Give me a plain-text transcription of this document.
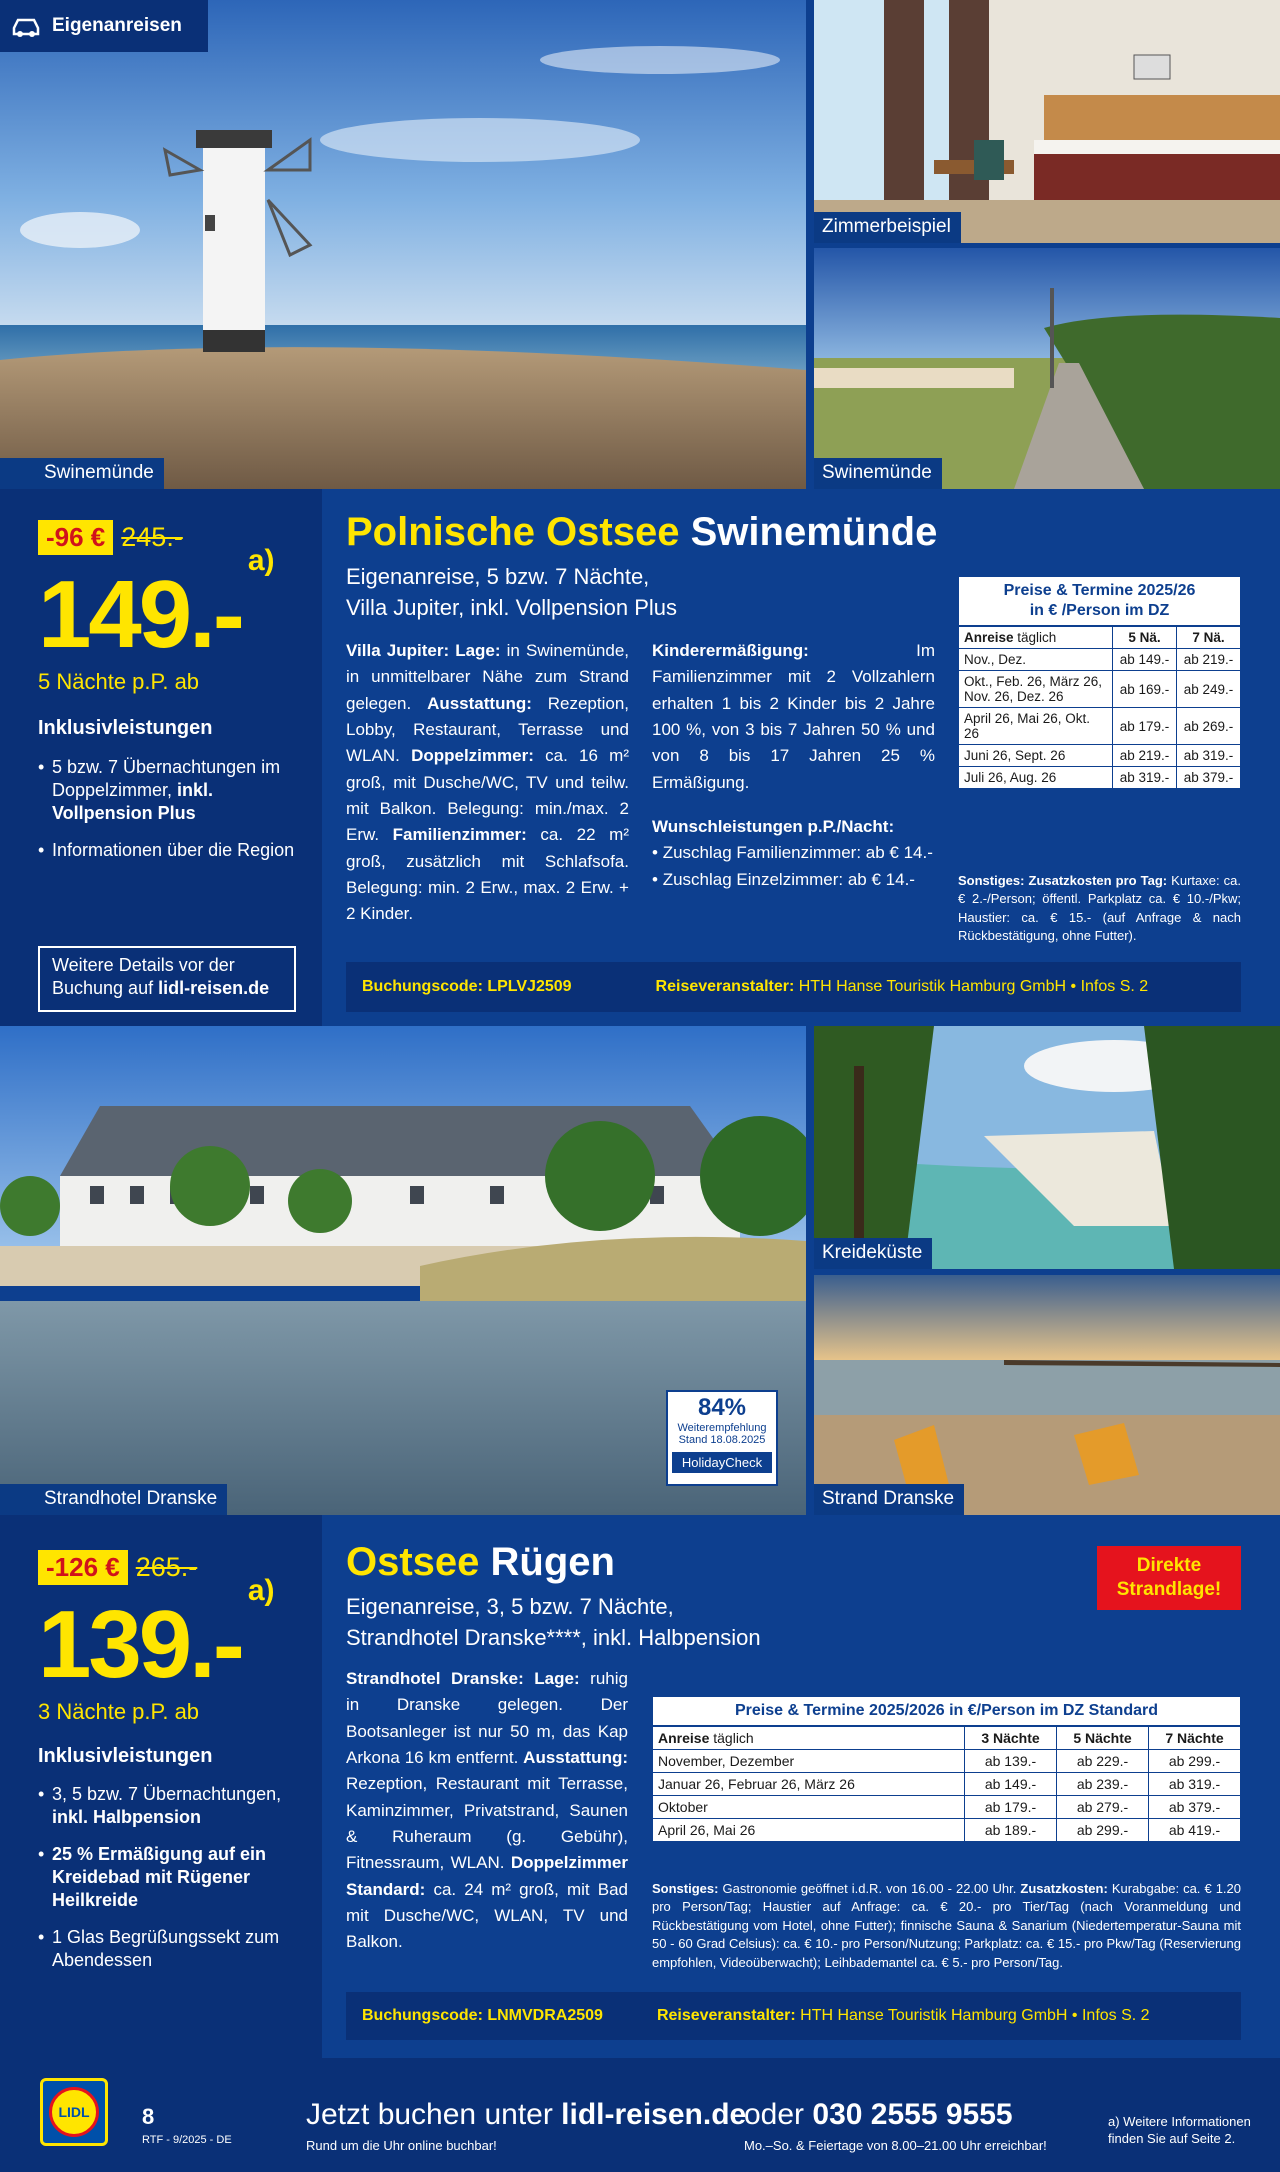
Swinemünde
Eigenanreisen
Zimmerbeispiel
Swinemünde
-96 € 245.-
149.-$^{a)}$
5 Nächte p.P. ab
Inklusivleistungen
• 5 bzw. 7 Übernachtungen im Doppelzimmer, inkl. Vollpension Plus
• Informationen über die Region
Weitere Details vor der
Buchung auf lidl-reisen.de
Polnische Ostsee Swinemünde
Eigenanreise, 5 bzw. 7 Nächte,
Villa Jupiter, inkl. Vollpension Plus
Villa Jupiter: Lage: in Swinemünde, in unmittelbarer Nähe zum Strand gelegen. Ausstattung: Rezeption, Lobby, Restaurant, Terrasse und WLAN. Doppelzimmer: ca. 16 m² groß, mit Dusche/WC, TV und teilw. mit Balkon. Belegung: min./max. 2 Erw. Familienzimmer: ca. 22 m² groß, zusätzlich mit Schlafsofa. Belegung: min. 2 Erw., max. 2 Erw. + 2 Kinder.
Kinderermäßigung: Im Familienzimmer mit 2 Vollzahlern erhalten 1 bis 2 Kinder bis 2 Jahre 100 %, von 3 bis 7 Jahren 50 % und von 8 bis 17 Jahren 25 % Ermäßigung.
Wunschleistungen p.P./Nacht:
• Zuschlag Familienzimmer: ab € 14.-
• Zuschlag Einzelzimmer: ab € 14.-
Preise & Termine 2025/26
in € /Person im DZ		

Anreise täglich	5 Nä.	7 Nä.
Nov., Dez.	ab 149.-	ab 219.-
Okt., Feb. 26, März 26, Nov. 26, Dez. 26	ab 169.-	ab 249.-
April 26, Mai 26, Okt. 26	ab 179.-	ab 269.-
Juni 26, Sept. 26	ab 219.-	ab 319.-
Juli 26, Aug. 26	ab 319.-	ab 379.-
Sonstiges: Zusatzkosten pro Tag: Kurtaxe: ca. € 2.-/Person; öffentl. Parkplatz ca. € 10.-/Pkw; Haustier: ca. € 15.- (auf Anfrage & nach Rückbestätigung, ohne Futter).
Buchungscode:
LPLVJ2509	Reiseveranstalter:
HTH Hanse Touristik Hamburg GmbH • Infos S. 2
Strandhotel Dranske
84%
Weiterempfehlung
Stand 18.08.2025
HolidayCheck
Kreideküste
Strand Dranske
-126 € 265.-
139.-$^{a)}$
3 Nächte p.P. ab
Inklusivleistungen
• 3, 5 bzw. 7 Übernachtungen, inkl. Halbpension
• 25 % Ermäßigung auf ein Kreidebad mit Rügener Heilkreide
• 1 Glas Begrüßungssekt zum Abendessen
Ostsee Rügen
Eigenanreise, 3, 5 bzw. 7 Nächte,
Strandhotel Dranske****, inkl. Halbpension
Direkte
Strandlage!
Strandhotel Dranske: Lage: ruhig in Dranske gelegen. Der Bootsanleger ist nur 50 m, das Kap Arkona 16 km entfernt. Ausstattung: Rezeption, Restaurant mit Terrasse, Kaminzimmer, Privatstrand, Saunen & Ruheraum (g. Gebühr), Fitnessraum, WLAN. Doppelzimmer Standard: ca. 24 m² groß, mit Bad mit Dusche/WC, WLAN, TV und Balkon.
Preise & Termine 2025/2026 in €/Person im DZ Standard			
Anreise täglich	3 Nächte	5 Nächte	7 Nächte
November, Dezember	ab 139.-	ab 229.-	ab 299.-
Januar 26, Februar 26, März 26	ab 149.-	ab 239.-	ab 319.-
Oktober	ab 179.-	ab 279.-	ab 379.-
April 26, Mai 26	ab 189.-	ab 299.-	ab 419.-
Sonstiges: Gastronomie geöffnet i.d.R. von 16.00 - 22.00 Uhr. Zusatzkosten: Kurabgabe: ca. € 1.20 pro Person/Tag; Haustier auf Anfrage: ca. € 20.- pro Tier/Tag (nach Voranmeldung und Rückbestätigung vom Hotel, ohne Futter); finnische Sauna & Sanarium (Niedertemperatur-Sauna mit 50 - 60 Grad Celsius): ca. € 10.- pro Person/Nutzung; Parkplatz: ca. € 15.- pro Pkw/Tag (Reservierung empfohlen, Videoüberwacht); Leihbademantel ca. € 5.- pro Person/Tag.
Buchungscode:
LNMVDRA2509	Reiseveranstalter:
HTH Hanse Touristik Hamburg GmbH • Infos S. 2
LIDL 8
RTF - 9/2025 - DE
Jetzt buchen unter lidl-reisen.de
Rund um die Uhr online buchbar!
oder 030 2555 9555
Mo.–So. & Feiertage von 8.00–21.00 Uhr erreichbar!
a) Weitere Informationen
finden Sie auf Seite 2.
